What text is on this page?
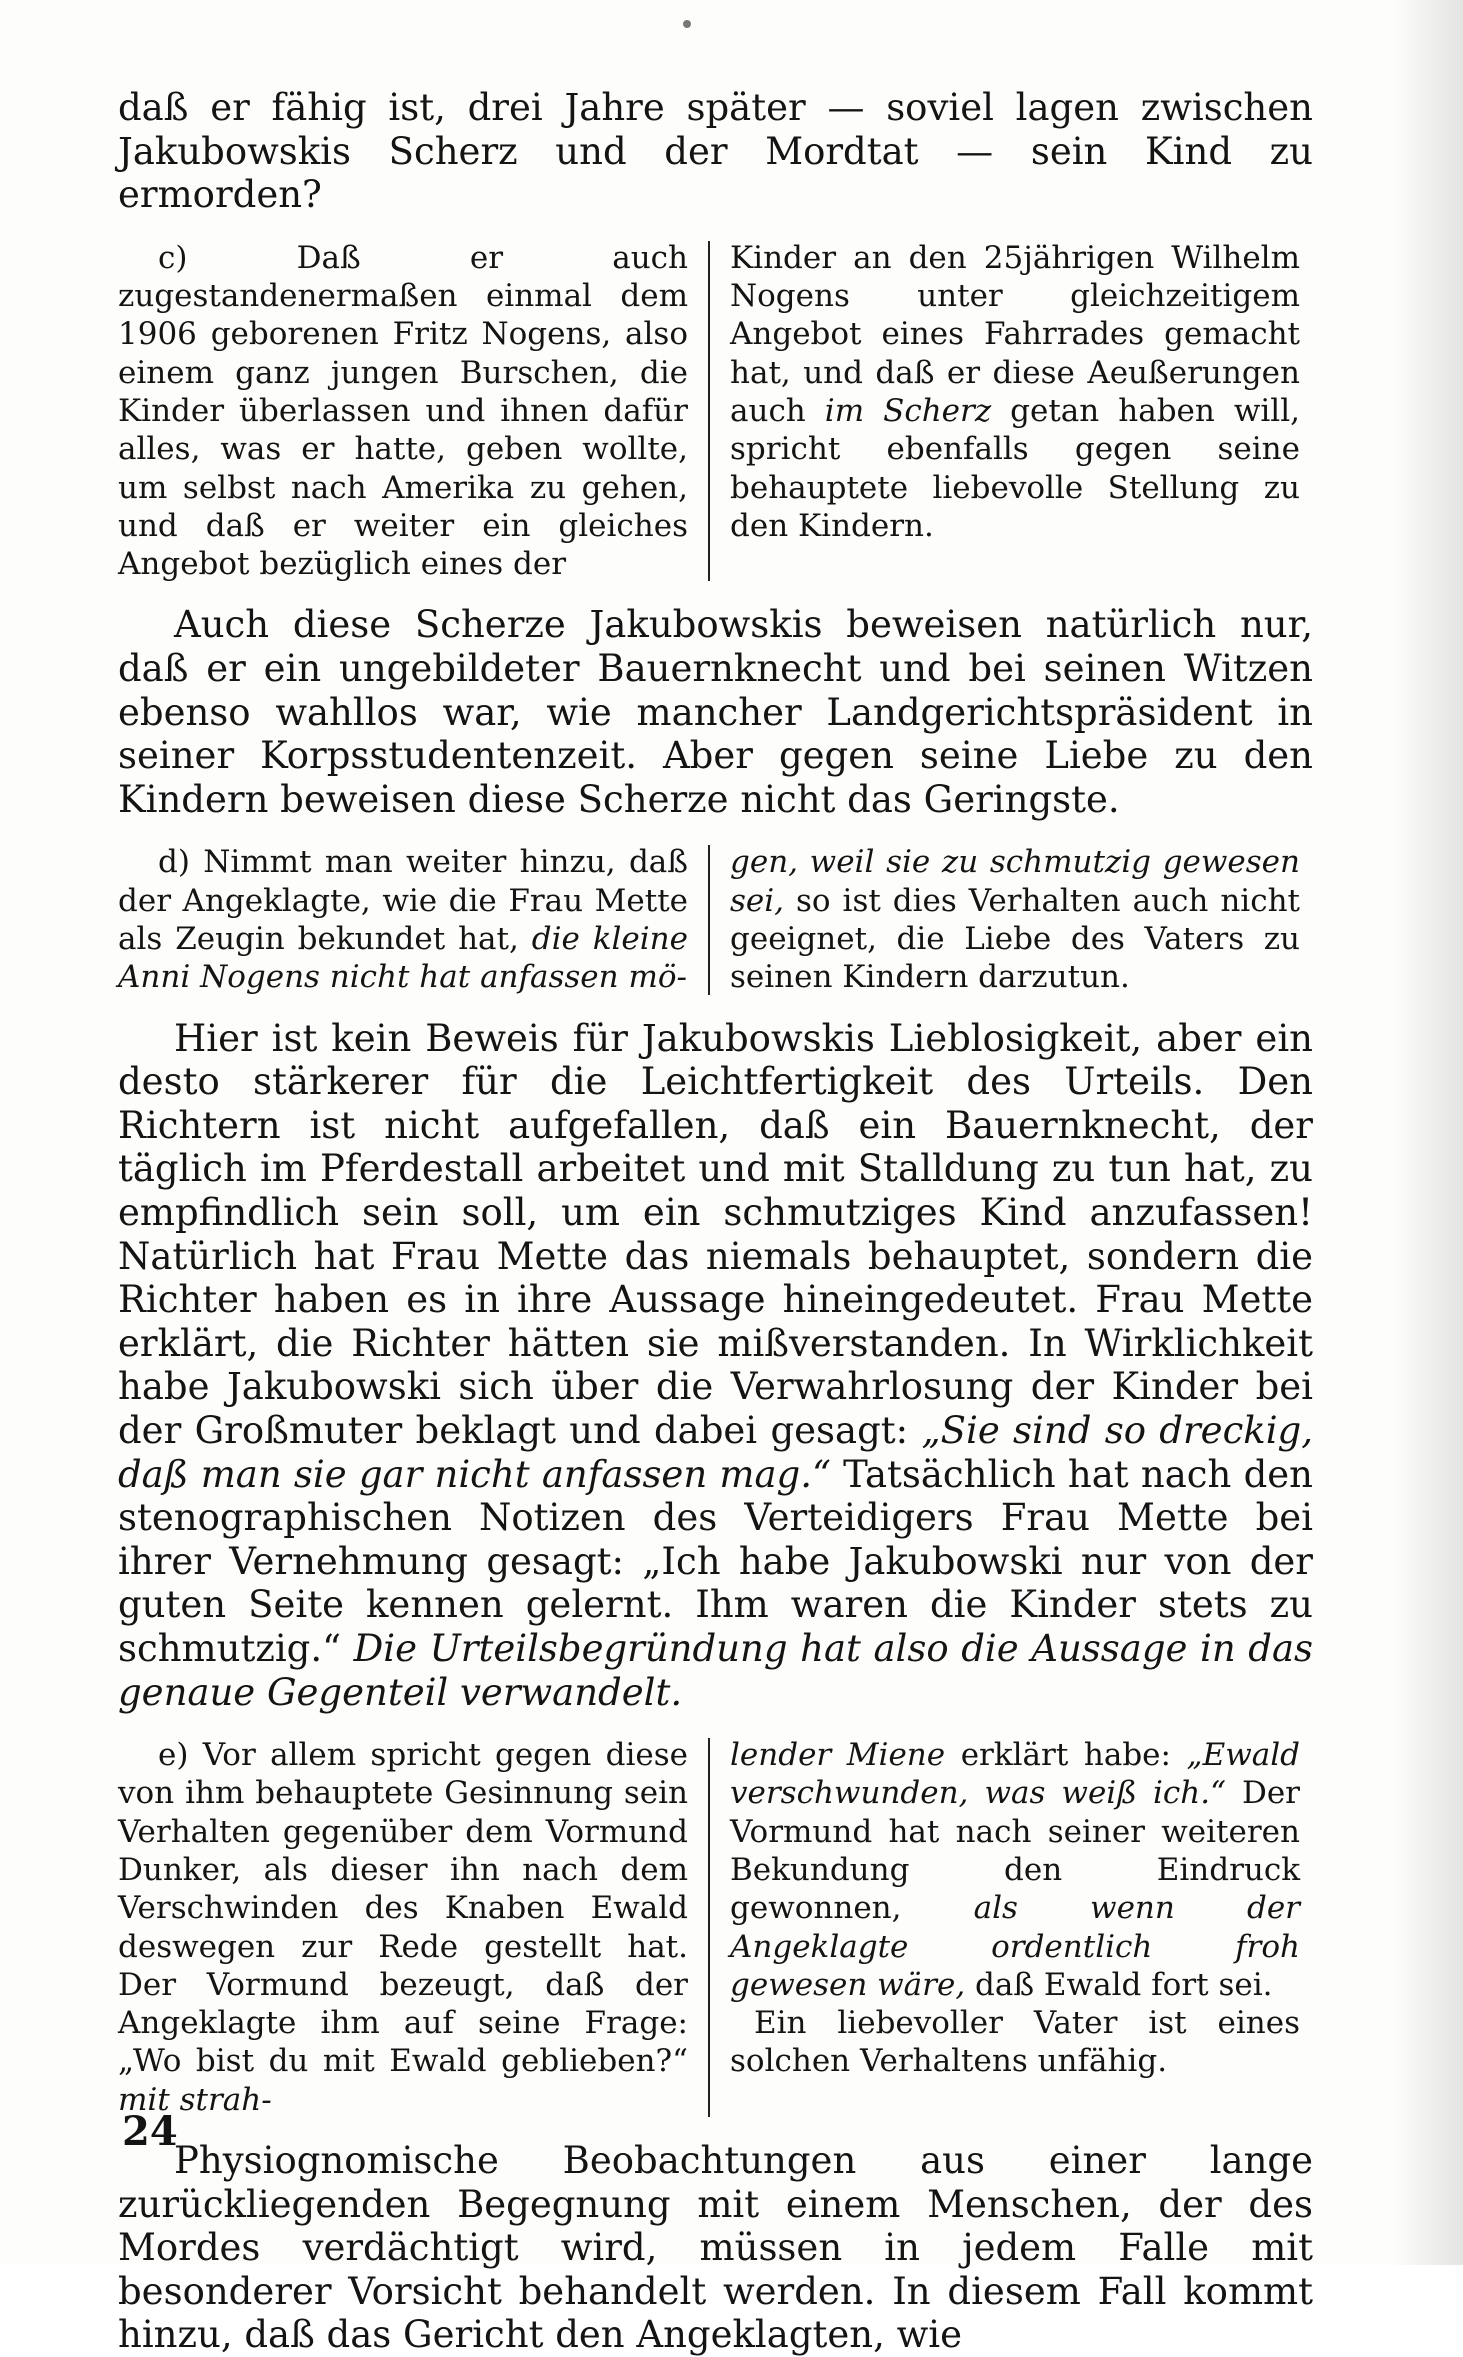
daß er fähig ist, drei Jahre später — soviel lagen zwischen Jakubowskis Scherz und der Mordtat — sein Kind zu ermorden?

c) Daß er auch zugestandenermaßen einmal dem 1906 geborenen Fritz Nogens, also einem ganz jungen Burschen, die Kinder überlassen und ihnen dafür alles, was er hatte, geben wollte, um selbst nach Amerika zu gehen, und daß er weiter ein gleiches Angebot bezüglich eines der

Kinder an den 25jährigen Wilhelm Nogens unter gleichzeitigem Angebot eines Fahrrades gemacht hat, und daß er diese Aeußerungen auch im Scherz getan haben will, spricht ebenfalls gegen seine behauptete liebevolle Stellung zu den Kindern.

Auch diese Scherze Jakubowskis beweisen natürlich nur, daß er ein ungebildeter Bauernknecht und bei seinen Witzen ebenso wahllos war, wie mancher Landgerichtspräsident in seiner Korpsstudentenzeit. Aber gegen seine Liebe zu den Kindern beweisen diese Scherze nicht das Geringste.

d) Nimmt man weiter hinzu, daß der Angeklagte, wie die Frau Mette als Zeugin bekundet hat, die kleine Anni Nogens nicht hat anfassen mö-

gen, weil sie zu schmutzig gewesen sei, so ist dies Verhalten auch nicht geeignet, die Liebe des Vaters zu seinen Kindern darzutun.

Hier ist kein Beweis für Jakubowskis Lieblosigkeit, aber ein desto stärkerer für die Leichtfertigkeit des Urteils. Den Richtern ist nicht aufgefallen, daß ein Bauernknecht, der täglich im Pferdestall arbeitet und mit Stalldung zu tun hat, zu empfindlich sein soll, um ein schmutziges Kind anzufassen! Natürlich hat Frau Mette das niemals behauptet, sondern die Richter haben es in ihre Aussage hineingedeutet. Frau Mette erklärt, die Richter hätten sie mißverstanden. In Wirklichkeit habe Jakubowski sich über die Verwahrlosung der Kinder bei der Großmuter beklagt und dabei gesagt: „Sie sind so dreckig, daß man sie gar nicht anfassen mag.“ Tatsächlich hat nach den stenographischen Notizen des Verteidigers Frau Mette bei ihrer Vernehmung gesagt: „Ich habe Jakubowski nur von der guten Seite kennen gelernt. Ihm waren die Kinder stets zu schmutzig.“ Die Urteilsbegründung hat also die Aussage in das genaue Gegenteil verwandelt.

e) Vor allem spricht gegen diese von ihm behauptete Gesinnung sein Verhalten gegenüber dem Vormund Dunker, als dieser ihn nach dem Verschwinden des Knaben Ewald deswegen zur Rede gestellt hat. Der Vormund bezeugt, daß der Angeklagte ihm auf seine Frage: „Wo bist du mit Ewald geblieben?“ mit strah-

lender Miene erklärt habe: „Ewald verschwunden, was weiß ich.“ Der Vormund hat nach seiner weiteren Bekundung den Eindruck gewonnen, als wenn der Angeklagte ordentlich froh gewesen wäre, daß Ewald fort sei.

Ein liebevoller Vater ist eines solchen Verhaltens unfähig.

Physiognomische Beobachtungen aus einer lange zurückliegenden Begegnung mit einem Menschen, der des Mordes verdächtigt wird, müssen in jedem Falle mit besonderer Vorsicht behandelt werden. In diesem Fall kommt hinzu, daß das Gericht den Angeklagten, wie

24
